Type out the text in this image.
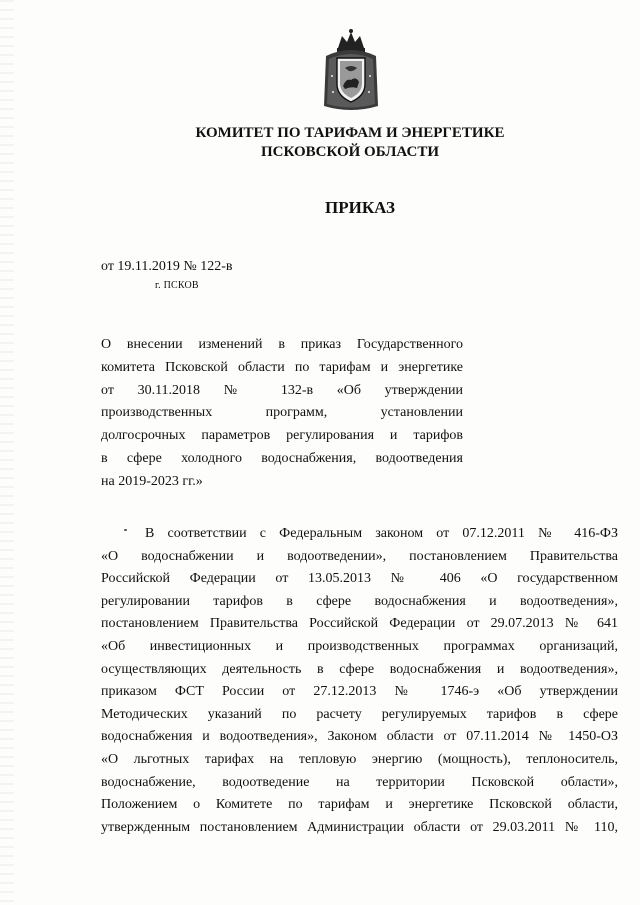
КОМИТЕТ ПО ТАРИФАМ И ЭНЕРГЕТИКЕ
ПСКОВСКОЙ ОБЛАСТИ
ПРИКАЗ
от 19.11.2019 № 122-в
г. ПСКОВ
О внесении изменений в приказ Государственного
комитета Псковской области по тарифам и энергетике
от 30.11.2018 № 132-в «Об утверждении
производственных программ, установлении
долгосрочных параметров регулирования и тарифов
в сфере холодного водоснабжения, водоотведения
на 2019-2023 гг.»
В соответствии с Федеральным законом от 07.12.2011 № 416-ФЗ
«О водоснабжении и водоотведении», постановлением Правительства
Российской Федерации от 13.05.2013 № 406 «О государственном
регулировании тарифов в сфере водоснабжения и водоотведения»,
постановлением Правительства Российской Федерации от 29.07.2013 № 641
«Об инвестиционных и производственных программах организаций,
осуществляющих деятельность в сфере водоснабжения и водоотведения»,
приказом ФСТ России от 27.12.2013 № 1746-э «Об утверждении
Методических указаний по расчету регулируемых тарифов в сфере
водоснабжения и водоотведения», Законом области от 07.11.2014 № 1450-ОЗ
«О льготных тарифах на тепловую энергию (мощность), теплоноситель,
водоснабжение, водоотведение на территории Псковской области»,
Положением о Комитете по тарифам и энергетике Псковской области,
утвержденным постановлением Администрации области от 29.03.2011 № 110,
